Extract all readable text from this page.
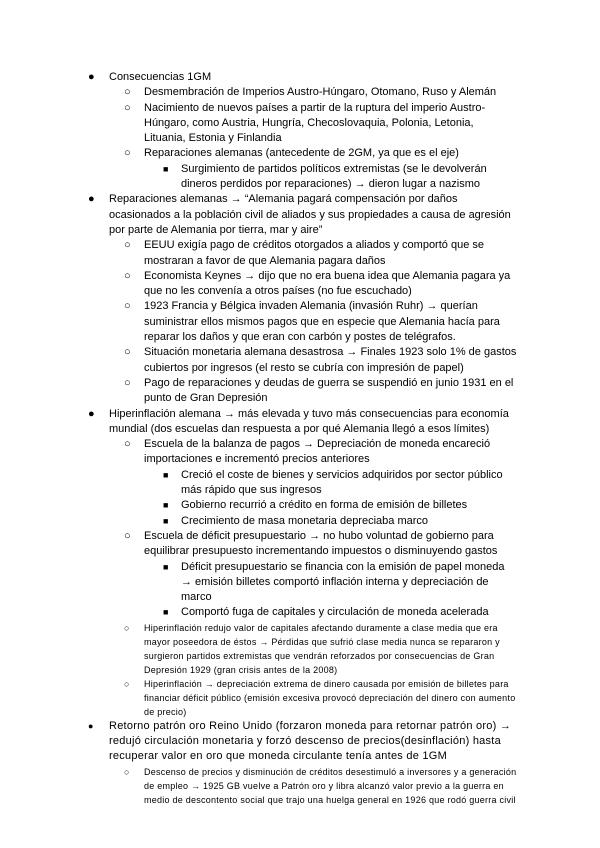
● Consecuencias 1GM
○ Desmembración de Imperios Austro-Húngaro, Otomano, Ruso y Alemán
○ Nacimiento de nuevos países a partir de la ruptura del imperio Austro-Húngaro, como Austria, Hungría, Checoslovaquia, Polonia, Letonia, Lituania, Estonia y Finlandia
○ Reparaciones alemanas (antecedente de 2GM, ya que es el eje)
■ Surgimiento de partidos políticos extremistas (se le devolverán dineros perdidos por reparaciones) → dieron lugar a nazismo
● Reparaciones alemanas → “Alemania pagará compensación por daños ocasionados a la población civil de aliados y sus propiedades a causa de agresión por parte de Alemania por tierra, mar y aire”
○ EEUU exigía pago de créditos otorgados a aliados y comportó que se mostraran a favor de que Alemania pagara daños
○ Economista Keynes → dijo que no era buena idea que Alemania pagara ya que no les convenía a otros países (no fue escuchado)
○ 1923 Francia y Bélgica invaden Alemania (invasión Ruhr) → querían suministrar ellos mismos pagos que en especie que Alemania hacía para reparar los daños y que eran con carbón y postes de telégrafos.
○ Situación monetaria alemana desastrosa → Finales 1923 solo 1% de gastos cubiertos por ingresos (el resto se cubría con impresión de papel)
○ Pago de reparaciones y deudas de guerra se suspendió en junio 1931 en el punto de Gran Depresión
● Hiperinflación alemana → más elevada y tuvo más consecuencias para economía mundial (dos escuelas dan respuesta a por qué Alemania llegó a esos límites)
○ Escuela de la balanza de pagos → Depreciación de moneda encareció importaciones e incrementó precios anteriores
■ Creció el coste de bienes y servicios adquiridos por sector público más rápido que sus ingresos
■ Gobierno recurrió a crédito en forma de emisión de billetes
■ Crecimiento de masa monetaria depreciaba marco
○ Escuela de déficit presupuestario → no hubo voluntad de gobierno para equilibrar presupuesto incrementando impuestos o disminuyendo gastos
■ Déficit presupuestario se financia con la emisión de papel moneda → emisión billetes comportó inflación interna y depreciación de marco
■ Comportó fuga de capitales y circulación de moneda acelerada
○ Hiperinflación redujo valor de capitales afectando duramente a clase media que era mayor poseedora de éstos → Pérdidas que sufrió clase media nunca se repararon y surgieron partidos extremistas que vendrán reforzados por consecuencias de Gran Depresión 1929 (gran crisis antes de la 2008)
○ Hiperinflación → depreciación extrema de dinero causada por emisión de billetes para financiar déficit público (emisión excesiva provocó depreciación del dinero con aumento de precio)
● Retorno patrón oro Reino Unido (forzaron moneda para retornar patrón oro) → redujó circulación monetaria y forzó descenso de precios(desinflación) hasta recuperar valor en oro que moneda circulante tenía antes de 1GM
○ Descenso de precios y disminución de créditos desestimuló a inversores y a generación de empleo → 1925 GB vuelve a Patrón oro y libra alcanzó valor previo a la guerra en medio de descontento social que trajo una huelga general en 1926 que rodó guerra civil
